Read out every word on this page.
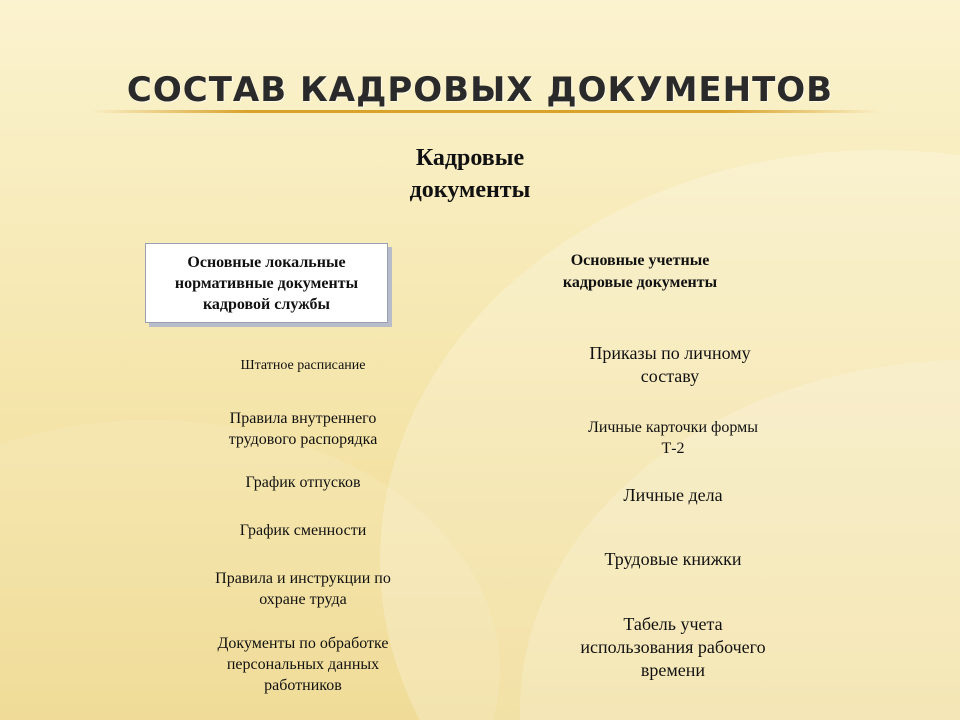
СОСТАВ КАДРОВЫХ ДОКУМЕНТОВ
Кадровые
документы
Основные локальные
нормативные документы
кадровой службы
Основные учетные
кадровые документы
Штатное расписание
Правила внутреннего
трудового распорядка
График отпусков
График сменности
Правила и инструкции по
охране труда
Документы по обработке
персональных данных
работников
Приказы по личному
составу
Личные карточки формы
Т-2
Личные дела
Трудовые книжки
Табель учета
использования рабочего
времени
